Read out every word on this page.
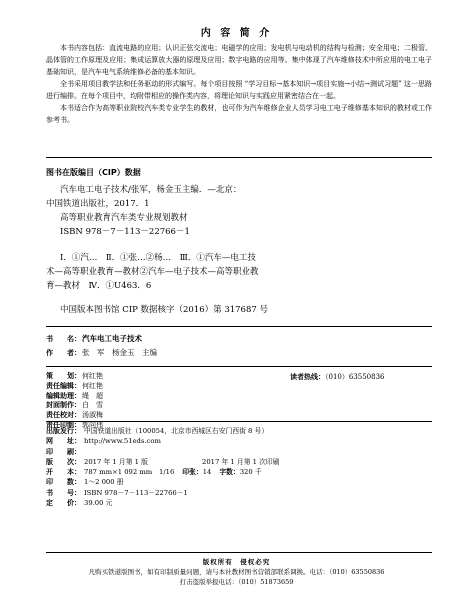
内 容 简 介

本书内容包括：直流电路的应用；认识正弦交流电；电磁学的应用；发电机与电动机的结构与检测；安全用电；二极管、晶体管的工作原理及应用；集成运算放大器的原理及应用；数字电路的应用等。集中体现了汽车维修技术中所应用的电工电子基础知识，是汽车电气系统维修必备的基本知识。

全书采用项目教学法和任务驱动的形式编写。每个项目按照 “学习目标→基本知识→项目实施→小结→测试习题” 这一思路进行编排。在每个项目中，均附带相应的操作类内容，将理论知识与实践应用紧密结合在一起。

本书适合作为高等职业院校汽车类专业学生的教材，也可作为汽车维修企业人员学习电工电子维修基本知识的教材或工作参考书。

图书在版编目（CIP）数据
汽车电工电子技术/张军，杨金玉主编．—北京：
中国铁道出版社，2017．1
高等职业教育汽车类专业规划教材
ISBN 978－7－113－22766－1
Ⅰ．①汽…　Ⅱ．①张…②杨…　Ⅲ．①汽车—电工技
术—高等职业教育—教材②汽车—电子技术—高等职业教
育—教材　Ⅳ．①U463．6
中国版本图书馆 CIP 数据核字（2016）第 317687 号
书　　名：汽车电工电子技术
作　　者：张　军　杨金玉　主编
策　　划：何红艳
责任编辑：何红艳
编辑助理：绳　超
封面制作：白　雪
责任校对：汤淑梅
责任印制：郭向伟
读者热线：（010）63550836
出版发行： 中国铁道出版社（100054，北京市西城区右安门西街 8 号）
网　　址： http://www.51eds.com
印　　刷：
版　　次： 2017 年 1 月第 1 版	2017 年 1 月第 1 次印刷
开　　本： 787 mm×1 092 mm　1/16 印张：14 字数：320 千
印　　数： 1～2 000 册
书　　号： ISBN 978－7－113－22766－1
定　　价： 39.00 元
版权所有　侵权必究
凡购买铁道版图书，如有印制质量问题，请与本社教材图书营销部联系调换。电话：（010）63550836
打击盗版举报电话：（010）51873659
